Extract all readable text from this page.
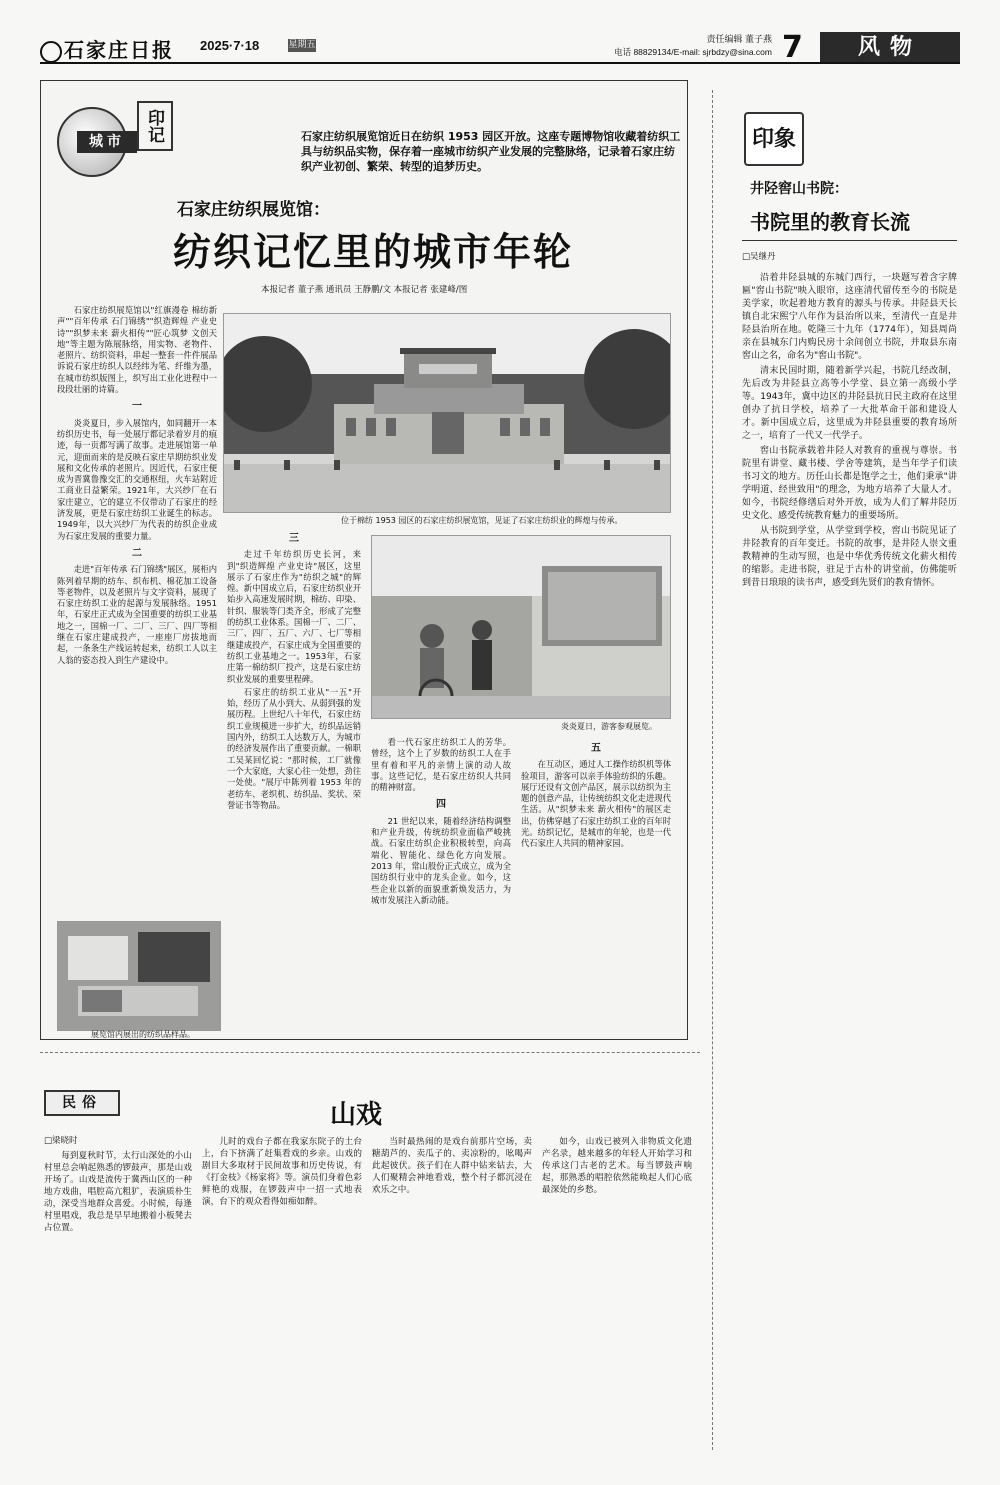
石家庄日报 2025·7·18	星期五
责任编辑 董子燕
电话 88829134/E-mail: sjrbdzy@sina.com 7	风物
城市	印记	石家庄纺织展览馆近日在纺织 1953 园区开放。这座专题博物馆收藏着纺织工具与纺织品实物，保存着一座城市纺织产业发展的完整脉络，记录着石家庄纺织产业初创、繁荣、转型的追梦历史。
石家庄纺织展览馆：
纺织记忆里的城市年轮
本报记者 董子燕 通讯员 王静鹏/文 本报记者 张建峰/图

石家庄纺织展览馆以"红旗漫卷 棉纺新声""百年传承 石门锦绣""织造辉煌 产业史诗""织梦未来 薪火相传""匠心筑梦 文创天地"等主题为陈展脉络，用实物、老物件、老照片、纺织资料，串起一整套一件件展品诉说石家庄纺织人以经纬为笔、纤维为墨，在城市纺织版图上，织写出工业化进程中一段段壮丽的诗篇。

一

炎炎夏日，步入展馆内，如同翻开一本纺织历史书，每一处展厅都记录着岁月的痕迹，每一页都写满了故事。走进展馆第一单元，迎面而来的是反映石家庄早期纺织业发展和文化传承的老照片。因近代，石家庄便成为晋冀鲁豫交汇的交通枢纽，火车站附近工商业日益繁荣。1921年，大兴纱厂在石家庄建立，它的建立不仅带动了石家庄的经济发展，更是石家庄纺织工业诞生的标志。1949年，以大兴纱厂为代表的纺织企业成为石家庄发展的重要力量。

二

走进"百年传承 石门锦绣"展区，展柜内陈列着早期的纺车、织布机、棉花加工设备等老物件，以及老照片与文字资料，展现了石家庄纺织工业的起源与发展脉络。1951年，石家庄正式成为全国重要的纺织工业基地之一，国棉一厂、二厂、三厂、四厂等相继在石家庄建成投产，一座座厂房拔地而起，一条条生产线运转起来，纺织工人以主人翁的姿态投入到生产建设中。

位于棉纺 1953 园区的石家庄纺织展览馆，见证了石家庄纺织业的辉煌与传承。
三

走过千年纺织历史长河，来到"织造辉煌 产业史诗"展区，这里展示了石家庄作为"纺织之城"的辉煌。新中国成立后，石家庄纺织业开始步入高速发展时期，棉纺、印染、针织、服装等门类齐全，形成了完整的纺织工业体系。国棉一厂、二厂、三厂、四厂、五厂、六厂、七厂等相继建成投产，石家庄成为全国重要的纺织工业基地之一。1953年，石家庄第一棉纺织厂投产，这是石家庄纺织业发展的重要里程碑。

石家庄的纺织工业从"一五"开始，经历了从小到大、从弱到强的发展历程。上世纪八十年代，石家庄纺织工业规模进一步扩大，纺织品远销国内外，纺织工人达数万人，为城市的经济发展作出了重要贡献。一棉职工吴某回忆说："那时候，工厂就像一个大家庭，大家心往一处想，劲往一处使。"展厅中陈列着 1953 年的老纺车、老织机、纺织品、奖状、荣誉证书等物品。

炎炎夏日，游客参观展览。

看一代石家庄纺织工人的芳华。曾经，这个上了岁数的纺织工人在手里有着和平凡的亲情上演的动人故事。这些记忆，是石家庄纺织人共同的精神财富。

四

21 世纪以来，随着经济结构调整和产业升级，传统纺织业面临严峻挑战。石家庄纺织企业积极转型，向高端化、智能化、绿色化方向发展。2013 年，常山股份正式成立，成为全国纺织行业中的龙头企业。如今，这些企业以新的面貌重新焕发活力，为城市发展注入新动能。

五

在互动区，通过人工操作纺织机等体验项目，游客可以亲手体验纺织的乐趣。展厅还设有文创产品区，展示以纺织为主题的创意产品，让传统纺织文化走进现代生活。从"织梦未来 薪火相传"的展区走出，仿佛穿越了石家庄纺织工业的百年时光。纺织记忆，是城市的年轮，也是一代代石家庄人共同的精神家园。

展览馆内展出的纺织品样品。
印象
井陉窖山书院：
书院里的教育长流
□吴继丹

沿着井陉县城的东城门西行，一块题写着含字牌匾"窖山书院"映入眼帘，这座清代留传至今的书院是美学家，吹起着地方教育的源头与传承。井陉县天长镇自北宋熙宁八年作为县治所以来，至清代一直是井陉县治所在地。乾隆三十九年（1774年），知县周尚亲在县城东门内购民房十余间创立书院，并取县东南窖山之名，命名为"窖山书院"。

清末民国时期，随着新学兴起，书院几经改制，先后改为井陉县立高等小学堂、县立第一高级小学等。1943年，冀中边区的井陉县抗日民主政府在这里创办了抗日学校，培养了一大批革命干部和建设人才。新中国成立后，这里成为井陉县重要的教育场所之一，培育了一代又一代学子。

窖山书院承载着井陉人对教育的重视与尊崇。书院里有讲堂、藏书楼、学舍等建筑，是当年学子们读书习文的地方。历任山长都是饱学之士，他们秉承"讲学明道、经世致用"的理念，为地方培养了大量人才。如今，书院经修缮后对外开放，成为人们了解井陉历史文化、感受传统教育魅力的重要场所。

从书院到学堂，从学堂到学校，窖山书院见证了井陉教育的百年变迁。书院的故事，是井陉人崇文重教精神的生动写照，也是中华优秀传统文化薪火相传的缩影。走进书院，驻足于古朴的讲堂前，仿佛能听到昔日琅琅的读书声，感受到先贤们的教育情怀。

民俗	山戏
□梁晓时

每到夏秋时节，太行山深处的小山村里总会响起熟悉的锣鼓声，那是山戏开场了。山戏是流传于冀西山区的一种地方戏曲，唱腔高亢粗犷，表演质朴生动，深受当地群众喜爱。小时候，每逢村里唱戏，我总是早早地搬着小板凳去占位置。

儿时的戏台子都在我家东院子的土台上，台下挤满了赶集看戏的乡亲。山戏的剧目大多取材于民间故事和历史传说，有《打金枝》《杨家将》等。演员们身着色彩鲜艳的戏服，在锣鼓声中一招一式地表演，台下的观众看得如痴如醉。

当时最热闹的是戏台前那片空场，卖糖葫芦的、卖瓜子的、卖凉粉的，吆喝声此起彼伏。孩子们在人群中钻来钻去，大人们聚精会神地看戏，整个村子都沉浸在欢乐之中。

如今，山戏已被列入非物质文化遗产名录，越来越多的年轻人开始学习和传承这门古老的艺术。每当锣鼓声响起，那熟悉的唱腔依然能唤起人们心底最深处的乡愁。
